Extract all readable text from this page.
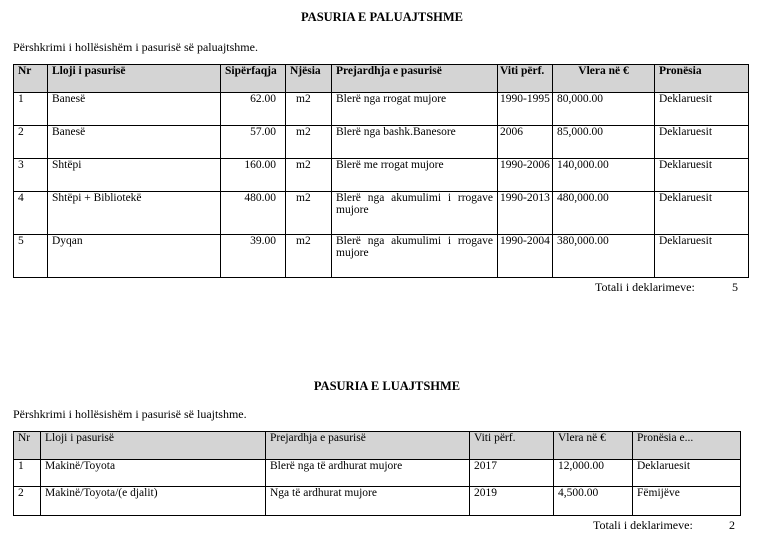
PASURIA E PALUAJTSHME
Përshkrimi i hollësishëm i pasurisë së paluajtshme.
Nr	Lloji i pasurisë	Sipërfaqja	Njësia	Prejardhja e pasurisë	Viti përf.	Vlera në €	Pronësia
1	Banesë	62.00	m2	Blerë nga rrogat mujore	1990-1995	80,000.00	Deklaruesit
2	Banesë	57.00	m2	Blerë nga bashk.Banesore	2006	85,000.00	Deklaruesit
3	Shtëpi	160.00	m2	Blerë me rrogat mujore	1990-2006	140,000.00	Deklaruesit
4	Shtëpi + Bibliotekë	480.00	m2	Blerë nga akumulimi i rrogave mujore	1990-2013	480,000.00	Deklaruesit
5	Dyqan	39.00	m2	Blerë nga akumulimi i rrogave mujore	1990-2004	380,000.00	Deklaruesit
Totali i deklarimeve:	5
PASURIA E LUAJTSHME
Përshkrimi i hollësishëm i pasurisë së luajtshme.
Nr	Lloji i pasurisë	Prejardhja e pasurisë	Viti përf.	Vlera në €	Pronësia e...
1	Makinë/Toyota	Blerë nga të ardhurat mujore	2017	12,000.00	Deklaruesit
2	Makinë/Toyota/(e djalit)	Nga të ardhurat mujore	2019	4,500.00	Fëmijëve
Totali i deklarimeve:	2
